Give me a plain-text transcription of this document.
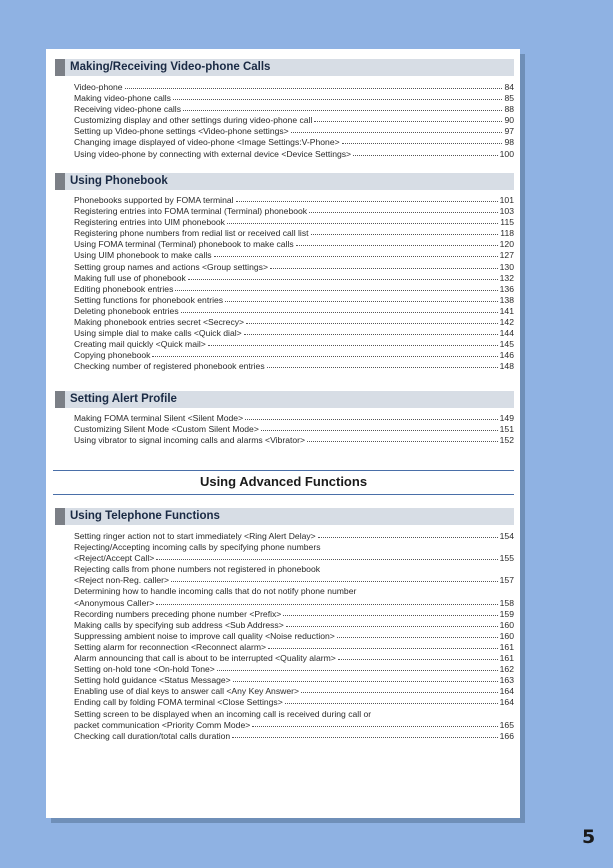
Making/Receiving Video-phone Calls
Video-phone	84
Making video-phone calls	85
Receiving video-phone calls	88
Customizing display and other settings during video-phone call	90
Setting up Video-phone settings <Video-phone settings>	97
Changing image displayed of video-phone <Image Settings:V-Phone>	98
Using video-phone by connecting with external device <Device Settings>	100
Using Phonebook
Phonebooks supported by FOMA terminal	101
Registering entries into FOMA terminal (Terminal) phonebook	103
Registering entries into UIM phonebook	115
Registering phone numbers from redial list or received call list	118
Using FOMA terminal (Terminal) phonebook to make calls	120
Using UIM phonebook to make calls	127
Setting group names and actions <Group settings>	130
Making full use of phonebook	132
Editing phonebook entries	136
Setting functions for phonebook entries	138
Deleting phonebook entries	141
Making phonebook entries secret <Secrecy>	142
Using simple dial to make calls <Quick dial>	144
Creating mail quickly <Quick mail>	145
Copying phonebook	146
Checking number of registered phonebook entries	148
Setting Alert Profile
Making FOMA terminal Silent <Silent Mode>	149
Customizing Silent Mode <Custom Silent Mode>	151
Using vibrator to signal incoming calls and alarms <Vibrator>	152
Using Advanced Functions
Using Telephone Functions
Setting ringer action not to start immediately <Ring Alert Delay>	154
Rejecting/Accepting incoming calls by specifying phone numbers
<Reject/Accept Call>	155
Rejecting calls from phone numbers not registered in phonebook
<Reject non-Reg. caller>	157
Determining how to handle incoming calls that do not notify phone number
<Anonymous Caller>	158
Recording numbers preceding phone number <Prefix>	159
Making calls by specifying sub address <Sub Address>	160
Suppressing ambient noise to improve call quality <Noise reduction>	160
Setting alarm for reconnection <Reconnect alarm>	161
Alarm announcing that call is about to be interrupted <Quality alarm>	161
Setting on-hold tone <On-hold Tone>	162
Setting hold guidance <Status Message>	163
Enabling use of dial keys to answer call <Any Key Answer>	164
Ending call by folding FOMA terminal <Close Settings>	164
Setting screen to be displayed when an incoming call is received during call or
packet communication <Priority Comm Mode>	165
Checking call duration/total calls duration	166
5
